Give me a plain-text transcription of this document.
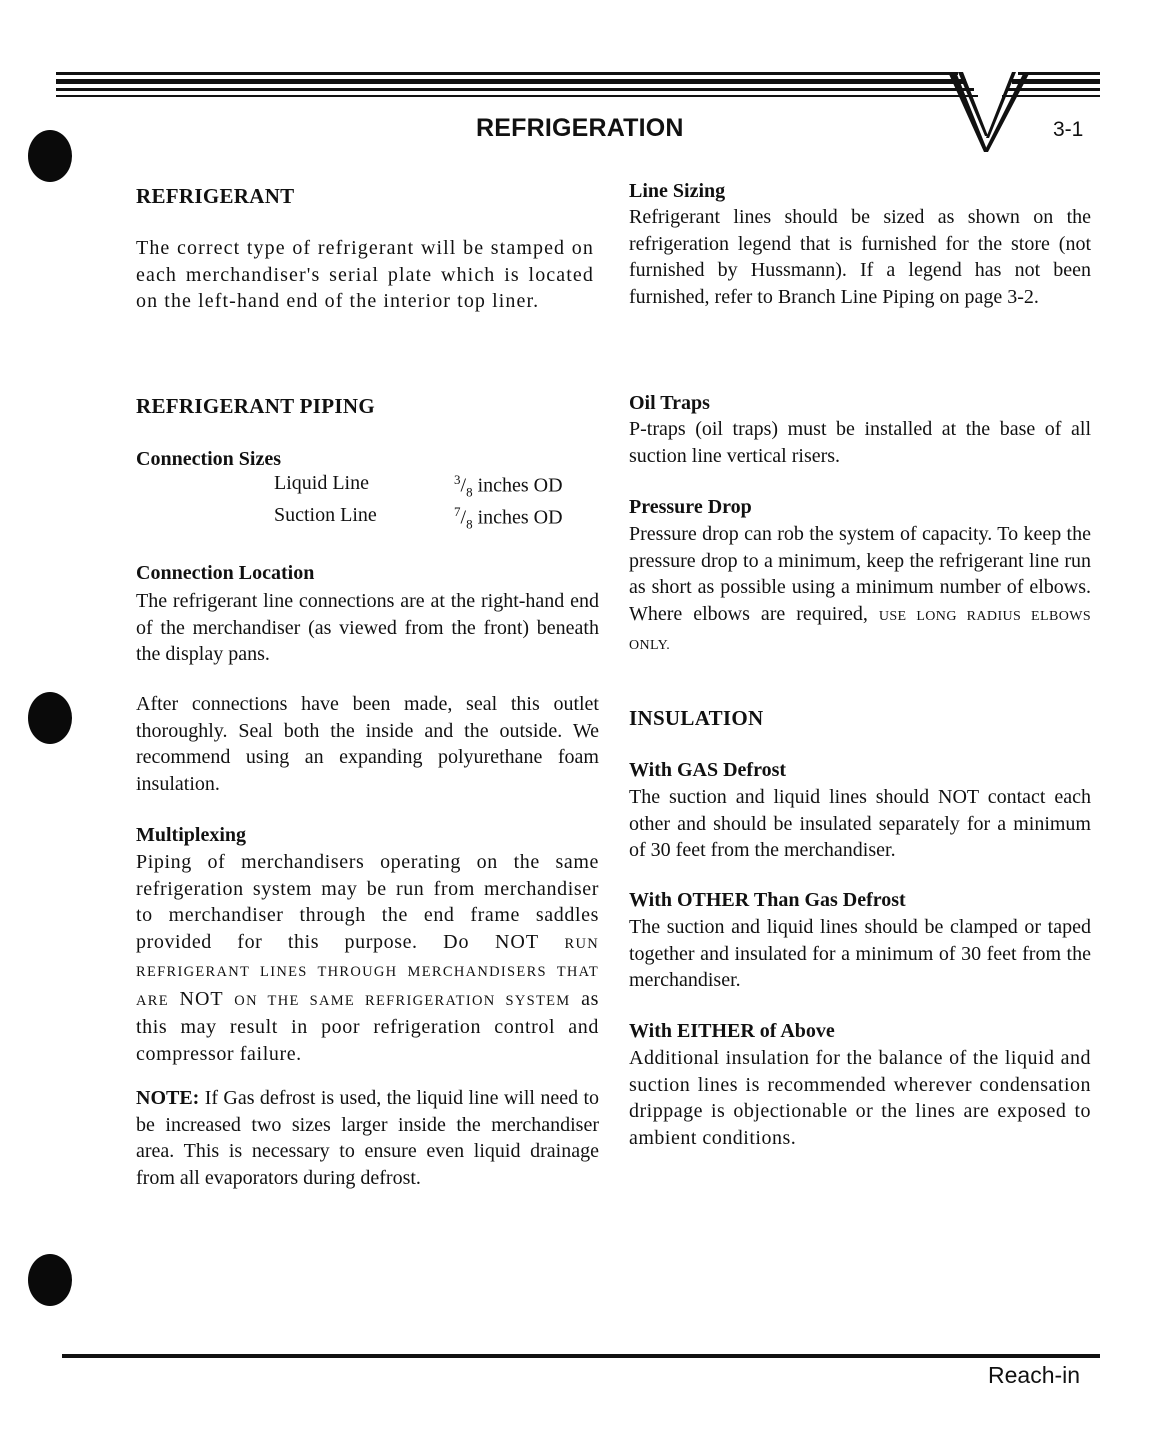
REFRIGERATION	3-1
REFRIGERANT
The correct type of refrigerant will be stamped on each merchandiser's serial plate which is located on the left-hand end of the interior top liner.
REFRIGERANT PIPING
Connection Sizes
Liquid Line	$^3/_8$ inches OD
Suction Line	$^7/_8$ inches OD
Connection Location
The refrigerant line connections are at the right-hand end of the merchandiser (as viewed from the front) beneath the display pans.
After connections have been made, seal this outlet thoroughly. Seal both the inside and the outside. We recommend using an expanding polyurethane foam insulation.
Multiplexing
Piping of merchandisers operating on the same refrigeration system may be run from merchandiser to merchandiser through the end frame saddles provided for this purpose. Do NOT RUN REFRIGERANT LINES THROUGH MERCHANDISERS THAT ARE NOT ON THE SAME REFRIGERATION SYSTEM as this may result in poor refrigeration control and compressor failure.
NOTE: If Gas defrost is used, the liquid line will need to be increased two sizes larger inside the merchandiser area. This is necessary to ensure even liquid drainage from all evaporators during defrost.
Line Sizing
Refrigerant lines should be sized as shown on the refrigeration legend that is furnished for the store (not furnished by Hussmann). If a legend has not been furnished, refer to Branch Line Piping on page 3-2.
Oil Traps
P-traps (oil traps) must be installed at the base of all suction line vertical risers.
Pressure Drop
Pressure drop can rob the system of capacity. To keep the pressure drop to a minimum, keep the refrigerant line run as short as possible using a minimum number of elbows. Where elbows are required, USE LONG RADIUS ELBOWS ONLY.
INSULATION
With GAS Defrost
The suction and liquid lines should NOT contact each other and should be insulated separately for a minimum of 30 feet from the merchandiser.
With OTHER Than Gas Defrost
The suction and liquid lines should be clamped or taped together and insulated for a minimum of 30 feet from the merchandiser.
With EITHER of Above
Additional insulation for the balance of the liquid and suction lines is recommended wherever condensation drippage is objectionable or the lines are exposed to ambient conditions.
Reach-in
